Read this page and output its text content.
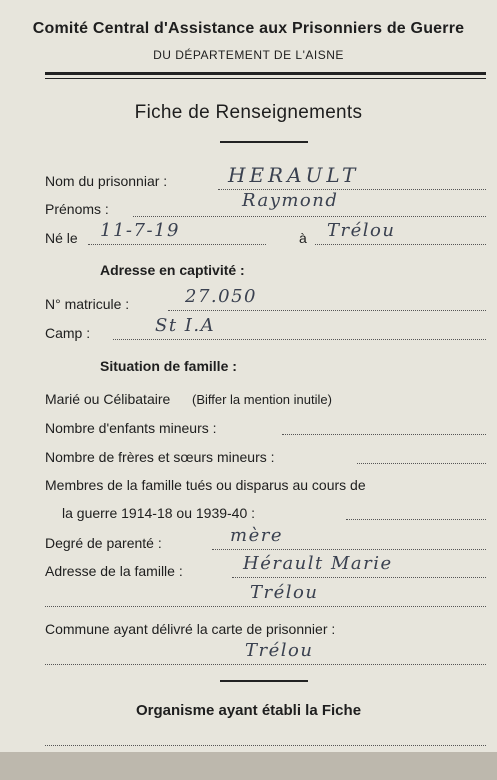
Comité Central d'Assistance aux Prisonniers de Guerre
DU DÉPARTEMENT DE L'AISNE
Fiche de Renseignements
Nom du prisonniar :	HERAULT
Prénoms :	Raymond
Né le 11-7-19	à Trélou
Adresse en captivité :
N° matricule :	27.050
Camp :	St I.A
Situation de famille :
Marié ou Célibataire (Biffer la mention inutile)
Nombre d'enfants mineurs :
Nombre de frères et sœurs mineurs :
Membres de la famille tués ou disparus au cours de
la guerre 1914-18 ou 1939-40 :
Degré de parenté :	mère
Adresse de la famille :	Hérault Marie
Trélou
Commune ayant délivré la carte de prisonnier :
Trélou
Organisme ayant établi la Fiche
